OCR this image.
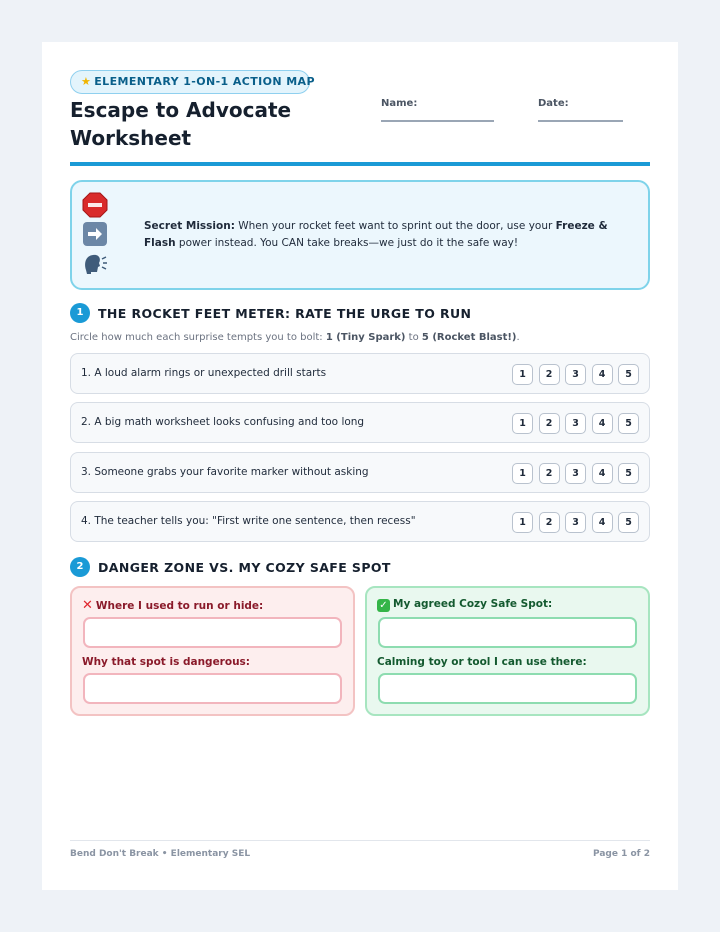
★ ELEMENTARY 1-ON-1 ACTION MAP
Escape to Advocate
Worksheet
Name:	Date:
Secret Mission: When your rocket feet want to sprint out the door, use your Freeze & Flash power instead. You CAN take breaks—we just do it the safe way!
1	THE ROCKET FEET METER: RATE THE URGE TO RUN
Circle how much each surprise tempts you to bolt: 1 (Tiny Spark) to 5 (Rocket Blast!).
1. A loud alarm rings or unexpected drill starts	1	2	3	4	5
2. A big math worksheet looks confusing and too long	1	2	3	4	5
3. Someone grabs your favorite marker without asking	1	2	3	4	5
4. The teacher tells you: "First write one sentence, then recess"	1	2	3	4	5
2	DANGER ZONE VS. MY COZY SAFE SPOT
✕ Where I used to run or hide:
Why that spot is dangerous:
✓ My agreed Cozy Safe Spot:
Calming toy or tool I can use there:
Bend Don't Break • Elementary SEL	Page 1 of 2
